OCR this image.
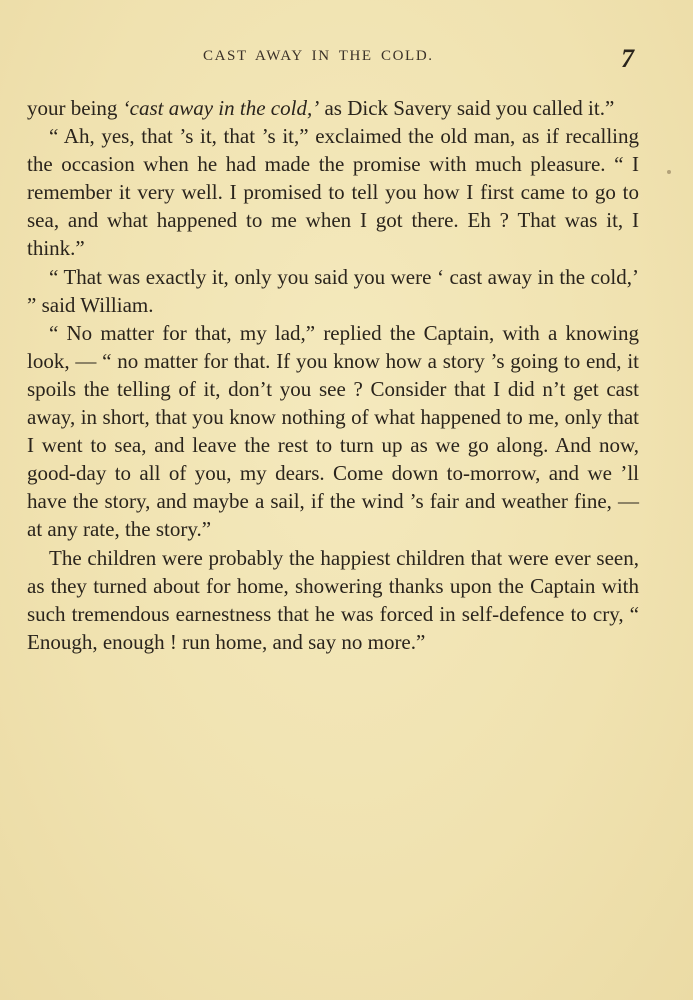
CAST AWAY IN THE COLD.	7

your being ‘cast away in the cold,’ as Dick Savery said you called it.”

“ Ah, yes, that ’s it, that ’s it,” exclaimed the old man, as if recalling the occasion when he had made the promise with much pleasure. “ I remember it very well. I promised to tell you how I first came to go to sea, and what happened to me when I got there. Eh ? That was it, I think.”

“ That was exactly it, only you said you were ‘ cast away in the cold,’ ” said William.

“ No matter for that, my lad,” replied the Captain, with a knowing look, — “ no matter for that. If you know how a story ’s going to end, it spoils the telling of it, don’t you see ? Consider that I did n’t get cast away, in short, that you know nothing of what happened to me, only that I went to sea, and leave the rest to turn up as we go along. And now, good-day to all of you, my dears. Come down to-morrow, and we ’ll have the story, and maybe a sail, if the wind ’s fair and weather fine, — at any rate, the story.”

The children were probably the happiest children that were ever seen, as they turned about for home, showering thanks upon the Captain with such tremendous earnestness that he was forced in self-defence to cry, “ Enough, enough ! run home, and say no more.”
